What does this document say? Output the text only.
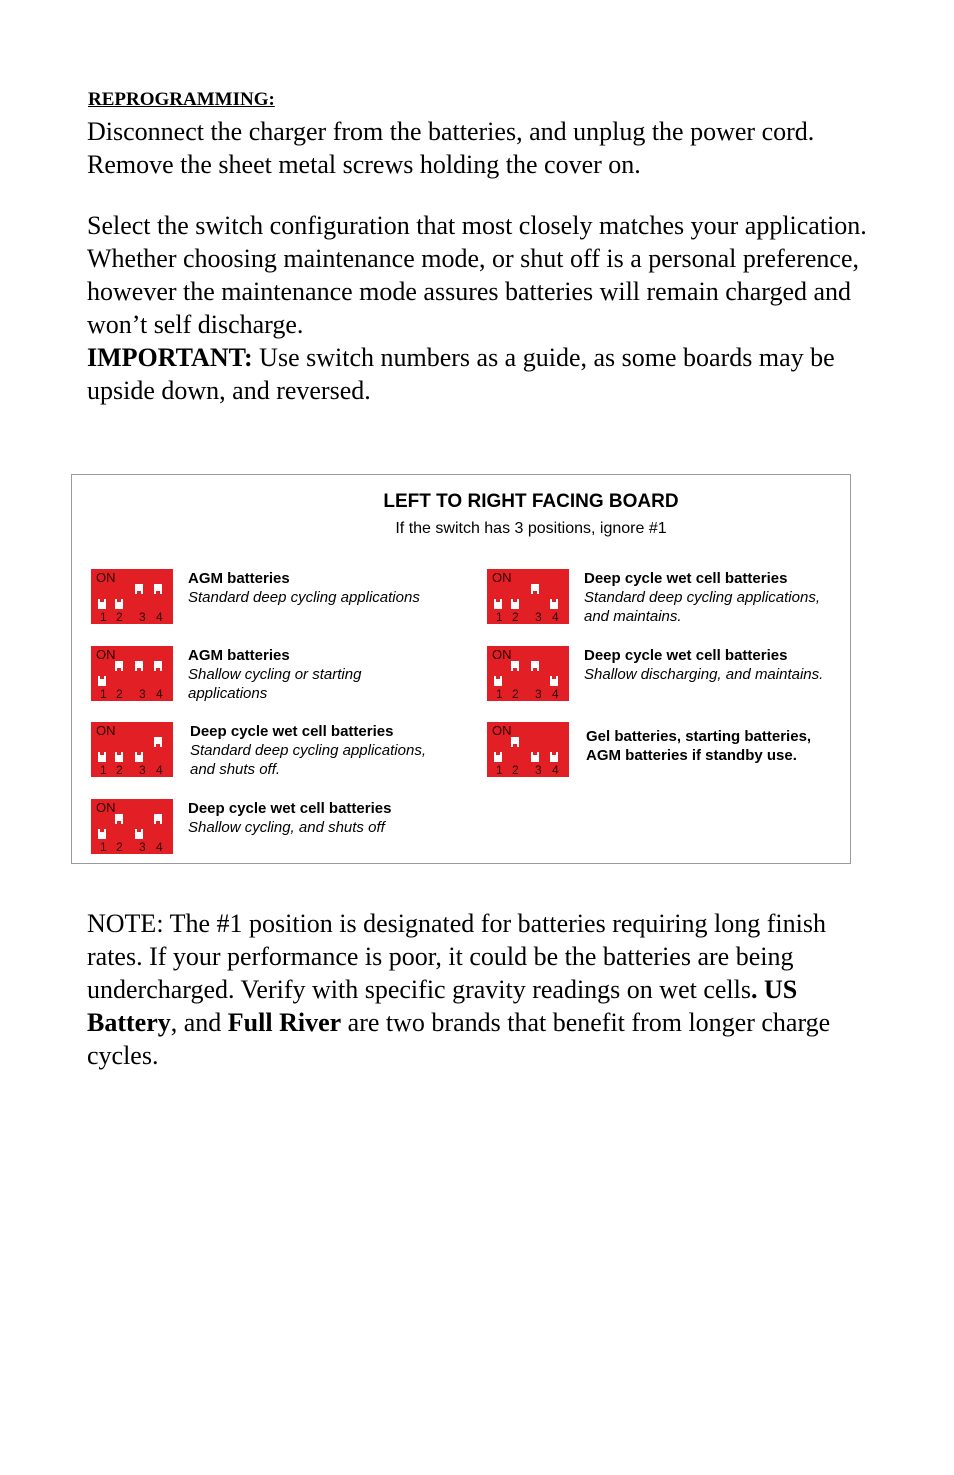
REPROGRAMMING:

Disconnect the charger from the batteries, and unplug the power cord. Remove the sheet metal screws holding the cover on.

Select the switch configuration that most closely matches your application. Whether choosing maintenance mode, or shut off is a personal preference, however the maintenance mode assures batteries will remain charged and won’t self discharge.
IMPORTANT: Use switch numbers as a guide, as some boards may be upside down, and reversed.

LEFT TO RIGHT FACING BOARD
If the switch has 3 positions, ignore #1
ON
1 2 3 4
AGM batteries
Standard deep cycling applications
ON
1 2 3 4
AGM batteries
Shallow cycling or starting applications
ON
1 2 3 4
Deep cycle wet cell batteries
Standard deep cycling applications, and shuts off.
ON
1 2 3 4
Deep cycle wet cell batteries
Shallow cycling, and shuts off
ON
1 2 3 4
Deep cycle wet cell batteries
Standard deep cycling applications, and maintains.
ON
1 2 3 4
Deep cycle wet cell batteries
Shallow discharging, and maintains.
ON
1 2 3 4
Gel batteries, starting batteries, AGM batteries if standby use.

NOTE: The #1 position is designated for batteries requiring long finish rates. If your performance is poor, it could be the batteries are being undercharged. Verify with specific gravity readings on wet cells. US Battery, and Full River are two brands that benefit from longer charge cycles.
